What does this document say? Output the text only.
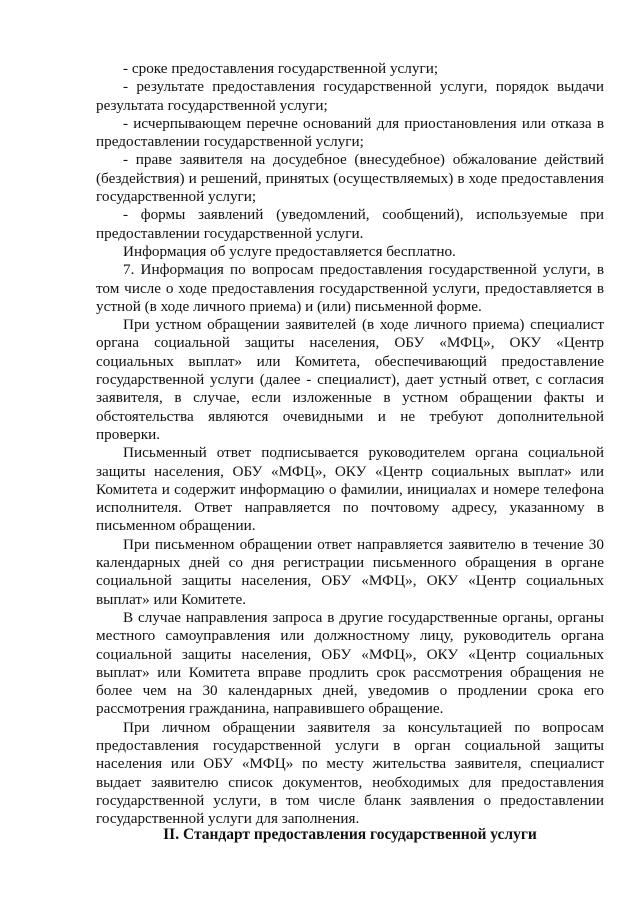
- сроке предоставления государственной услуги;

- результате предоставления государственной услуги, порядок выдачи результата государственной услуги;

- исчерпывающем перечне оснований для приостановления или отказа в предоставлении государственной услуги;

- праве заявителя на досудебное (внесудебное) обжалование действий (бездействия) и решений, принятых (осуществляемых) в ходе предоставления государственной услуги;

- формы заявлений (уведомлений, сообщений), используемые при предоставлении государственной услуги.

Информация об услуге предоставляется бесплатно.

7. Информация по вопросам предоставления государственной услуги, в том числе о ходе предоставления государственной услуги, предоставляется в устной (в ходе личного приема) и (или) письменной форме.

При устном обращении заявителей (в ходе личного приема) специалист органа социальной защиты населения, ОБУ «МФЦ», ОКУ «Центр социальных выплат» или Комитета, обеспечивающий предоставление государственной услуги (далее - специалист), дает устный ответ, с согласия заявителя, в случае, если изложенные в устном обращении факты и обстоятельства являются очевидными и не требуют дополнительной проверки.

Письменный ответ подписывается руководителем органа социальной защиты населения, ОБУ «МФЦ», ОКУ «Центр социальных выплат» или Комитета и содержит информацию о фамилии, инициалах и номере телефона исполнителя. Ответ направляется по почтовому адресу, указанному в письменном обращении.

При письменном обращении ответ направляется заявителю в течение 30 календарных дней со дня регистрации письменного обращения в органе социальной защиты населения, ОБУ «МФЦ», ОКУ «Центр социальных выплат» или Комитете.

В случае направления запроса в другие государственные органы, органы местного самоуправления или должностному лицу, руководитель органа социальной защиты населения, ОБУ «МФЦ», ОКУ «Центр социальных выплат» или Комитета вправе продлить срок рассмотрения обращения не более чем на 30 календарных дней, уведомив о продлении срока его рассмотрения гражданина, направившего обращение.

При личном обращении заявителя за консультацией по вопросам предоставления государственной услуги в орган социальной защиты населения или ОБУ «МФЦ» по месту жительства заявителя, специалист выдает заявителю список документов, необходимых для предоставления государственной услуги, в том числе бланк заявления о предоставлении государственной услуги для заполнения.

II. Стандарт предоставления государственной услуги
